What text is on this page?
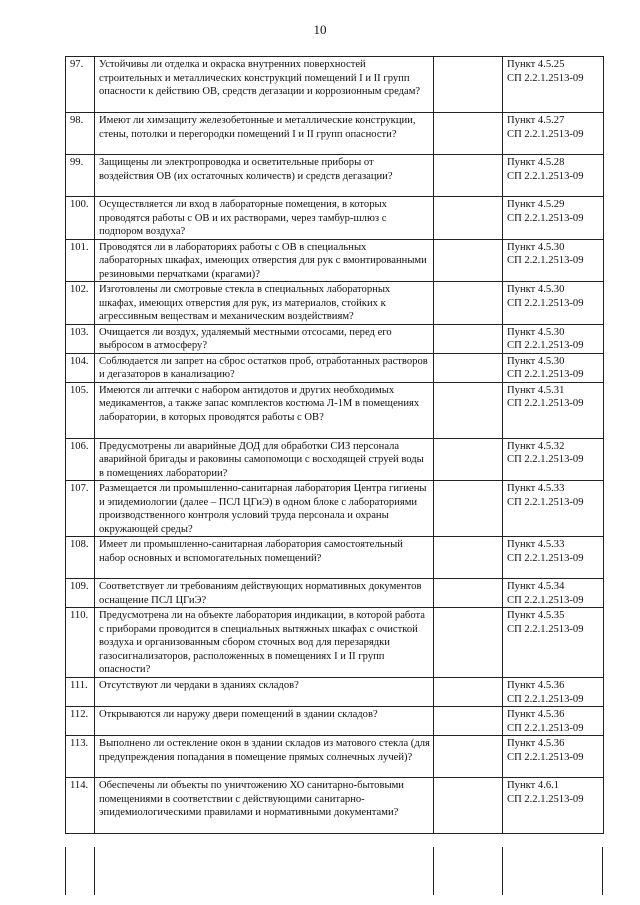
10
97.	Устойчивы ли отделка и окраска внутренних поверхностей строительных и металлических конструкций помещений I и II групп опасности к действию ОВ, средств дегазации и коррозионным средам?		Пункт 4.5.25
СП 2.2.1.2513-09

98.	Имеют ли химзащиту железобетонные и металлические конструкции, стены, потолки и перегородки помещений I и II групп опасности?		Пункт 4.5.27
СП 2.2.1.2513-09

99.	Защищены ли электропроводка и осветительные приборы от воздействия ОВ (их остаточных количеств) и средств дегазации?		Пункт 4.5.28
СП 2.2.1.2513-09

100.	Осуществляется ли вход в лабораторные помещения, в которых проводятся работы с ОВ и их растворами, через тамбур-шлюз с подпором воздуха?		Пункт 4.5.29
СП 2.2.1.2513-09

101.	Проводятся ли в лабораториях работы с ОВ в специальных лабораторных шкафах, имеющих отверстия для рук с вмонтированными резиновыми перчатками (крагами)?		Пункт 4.5.30
СП 2.2.1.2513-09

102.	Изготовлены ли смотровые стекла в специальных лабораторных шкафах, имеющих отверстия для рук, из материалов, стойких к агрессивным веществам и механическим воздействиям?		Пункт 4.5.30
СП 2.2.1.2513-09

103.	Очищается ли воздух, удаляемый местными отсосами, перед его выбросом в атмосферу?		Пункт 4.5.30
СП 2.2.1.2513-09

104.	Соблюдается ли запрет на сброс остатков проб, отработанных растворов и дегазаторов в канализацию?		Пункт 4.5.30
СП 2.2.1.2513-09

105.	Имеются ли аптечки с набором антидотов и других необходимых медикаментов, а также запас комплектов костюма Л-1М в помещениях лаборатории, в которых проводятся работы с ОВ?		Пункт 4.5.31
СП 2.2.1.2513-09

106.	Предусмотрены ли аварийные ДОД для обработки СИЗ персонала аварийной бригады и раковины самопомощи с восходящей струей воды в помещениях лаборатории?		Пункт 4.5.32
СП 2.2.1.2513-09

107.	Размещается ли промышленно-санитарная лаборатория Центра гигиены и эпидемиологии (далее – ПСЛ ЦГиЭ) в одном блоке с лабораториями производственного контроля условий труда персонала и охраны окружающей среды?		Пункт 4.5.33
СП 2.2.1.2513-09

108.	Имеет ли промышленно-санитарная лаборатория самостоятельный набор основных и вспомогательных помещений?		Пункт 4.5.33
СП 2.2.1.2513-09

109.	Соответствует ли требованиям действующих нормативных документов оснащение ПСЛ ЦГиЭ?		Пункт 4.5.34
СП 2.2.1.2513-09

110.	Предусмотрена ли на объекте лаборатория индикации, в которой работа с приборами проводится в специальных вытяжных шкафах с очисткой воздуха и организованным сбором сточных вод для перезарядки газосигнализаторов, расположенных в помещениях I и II групп опасности?		Пункт 4.5.35
СП 2.2.1.2513-09

111.	Отсутствуют ли чердаки в зданиях складов?		Пункт 4.5.36
СП 2.2.1.2513-09

112.	Открываются ли наружу двери помещений в здании складов?		Пункт 4.5.36
СП 2.2.1.2513-09

113.	Выполнено ли остекление окон в здании складов из матового стекла (для предупреждения попадания в помещение прямых солнечных лучей)?		Пункт 4.5.36
СП 2.2.1.2513-09

114.	Обеспечены ли объекты по уничтожению ХО санитарно-бытовыми помещениями в соответствии с действующими санитарно-эпидемиологическими правилами и нормативными документами?		Пункт 4.6.1
СП 2.2.1.2513-09
